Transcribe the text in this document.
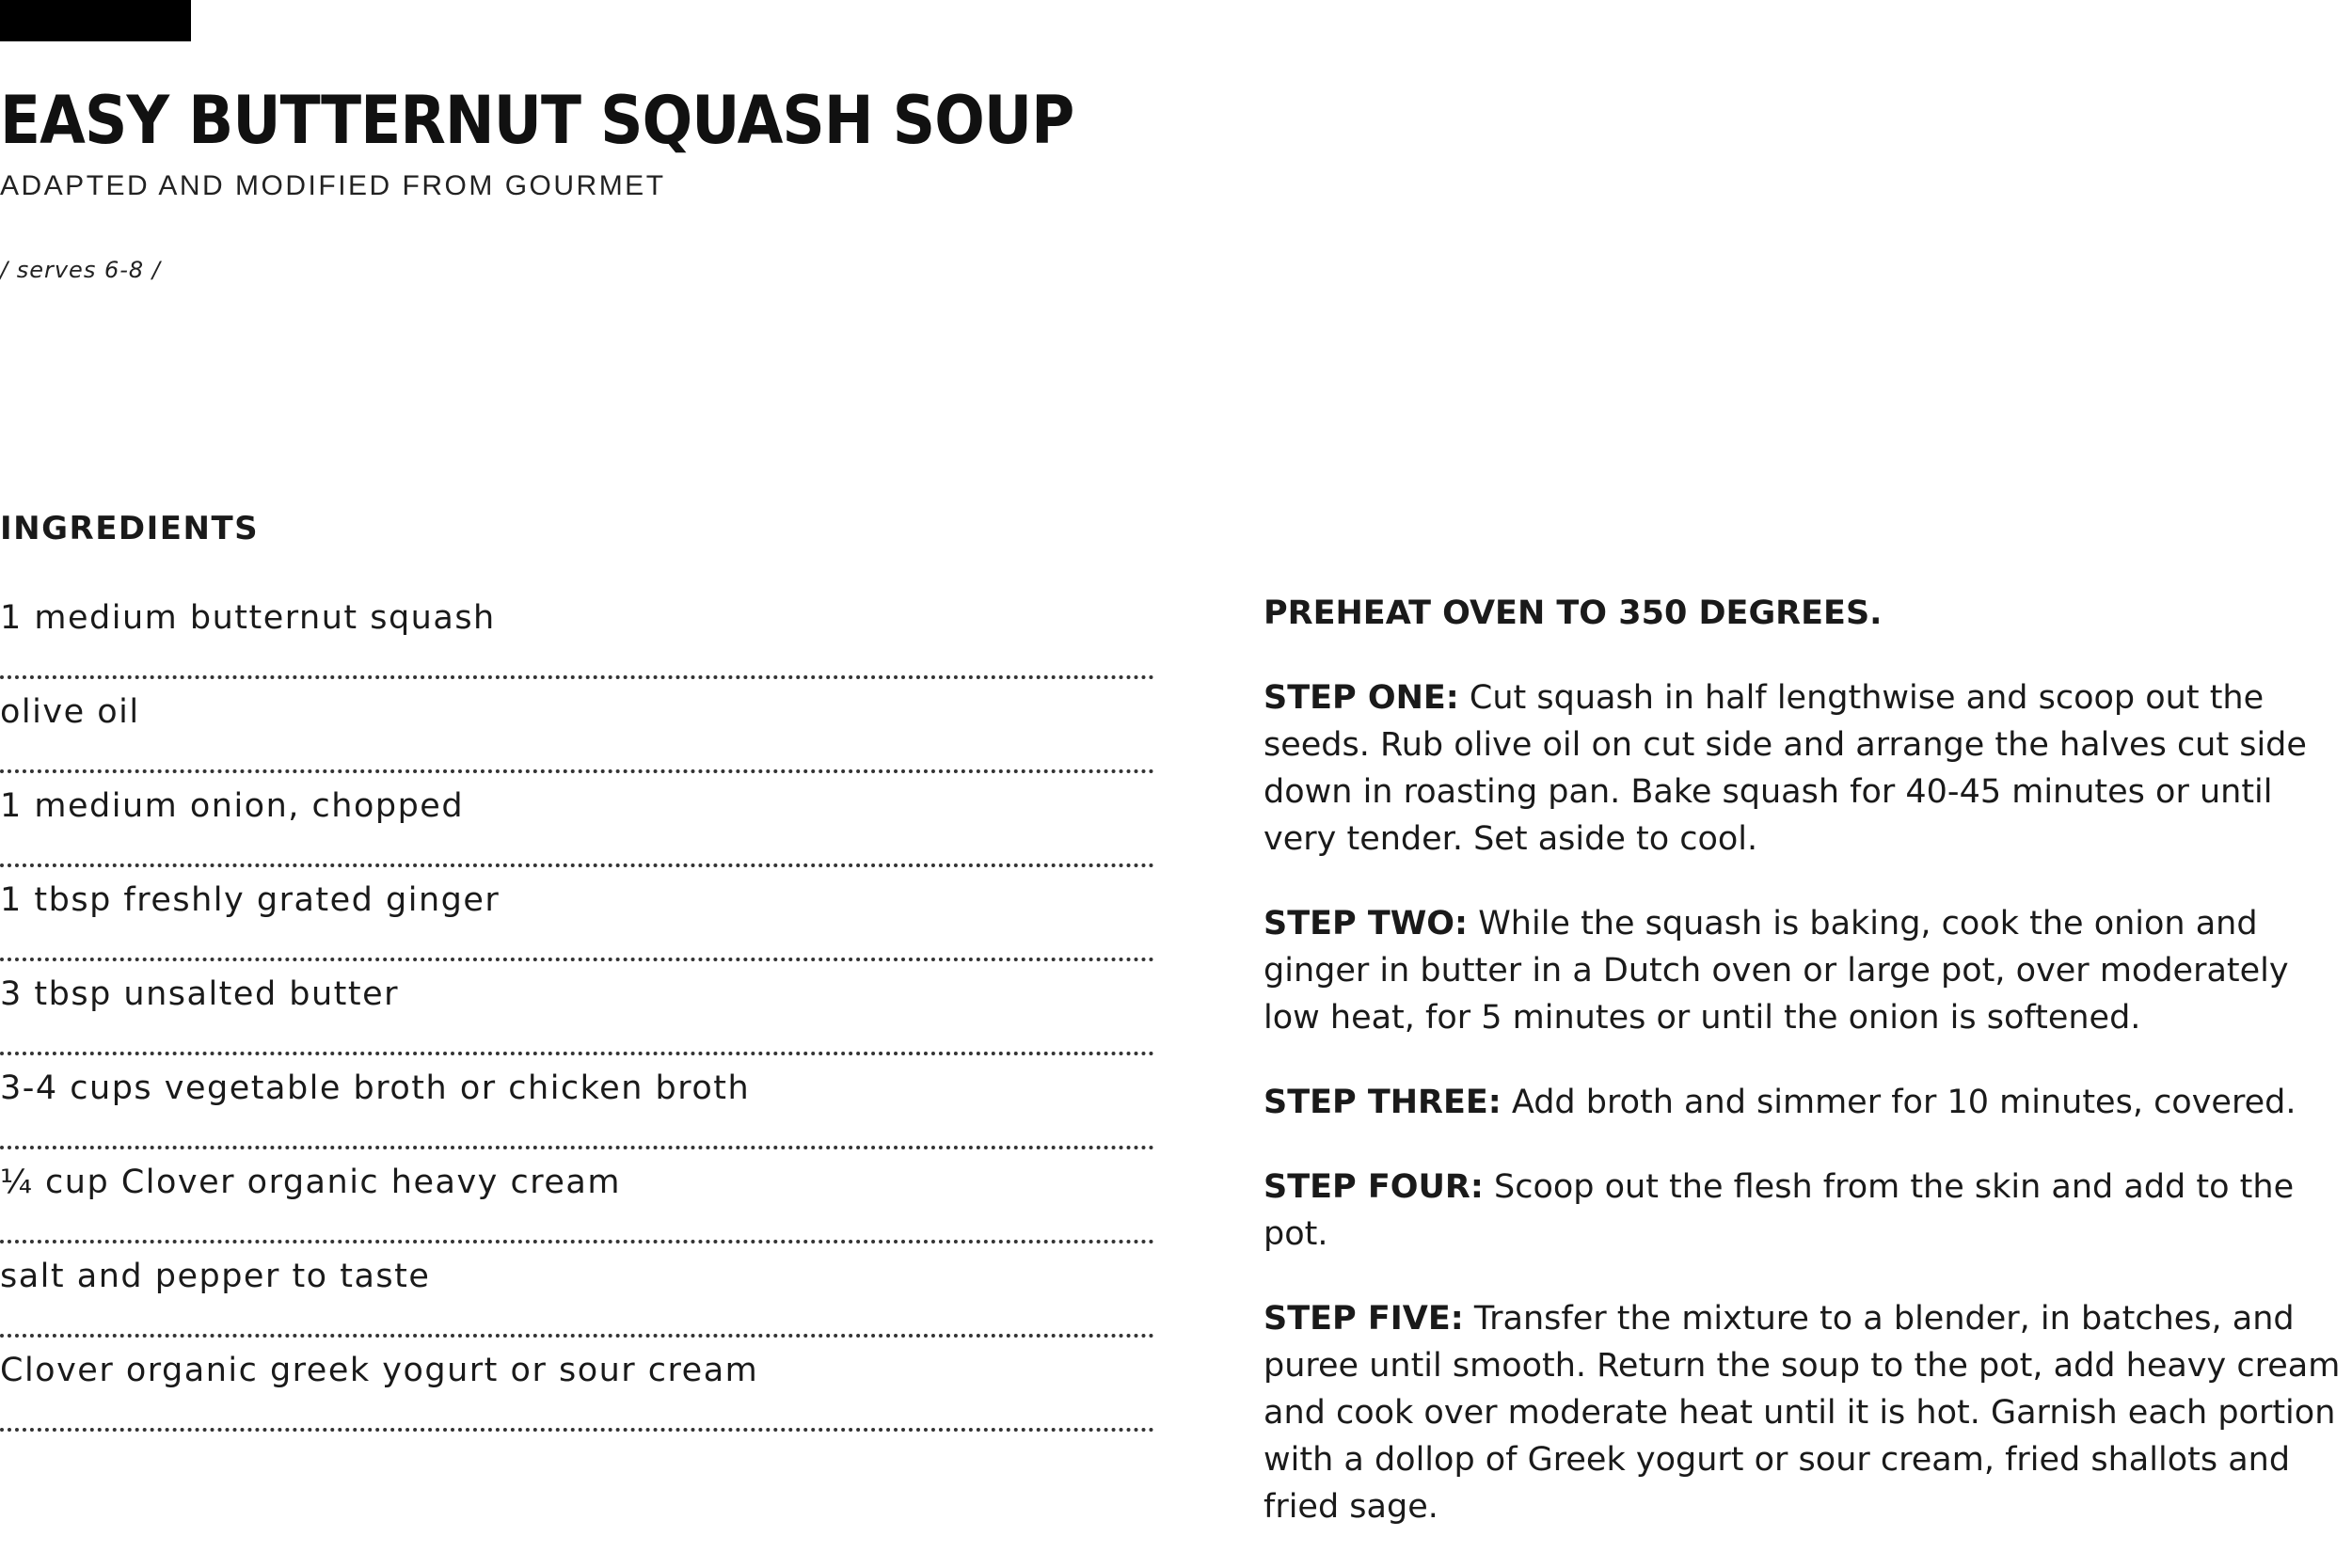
EASY BUTTERNUT SQUASH SOUP
ADAPTED AND MODIFIED FROM GOURMET
/ serves 6-8 /
INGREDIENTS
1 medium butternut squash
olive oil
1 medium onion, chopped
1 tbsp freshly grated ginger
3 tbsp unsalted butter
3-4 cups vegetable broth or chicken broth
¼ cup Clover organic heavy cream
salt and pepper to taste
Clover organic greek yogurt or sour cream

PREHEAT OVEN TO 350 DEGREES.

STEP ONE: Cut squash in half lengthwise and scoop out the seeds. Rub olive oil on cut side and arrange the halves cut side down in roasting pan. Bake squash for 40-45 minutes or until very tender. Set aside to cool.

STEP TWO: While the squash is baking, cook the onion and ginger in butter in a Dutch oven or large pot, over moderately low heat, for 5 minutes or until the onion is softened.

STEP THREE: Add broth and simmer for 10 minutes, covered.

STEP FOUR: Scoop out the flesh from the skin and add to the pot.

STEP FIVE: Transfer the mixture to a blender, in batches, and puree until smooth. Return the soup to the pot, add heavy cream and cook over moderate heat until it is hot. Garnish each portion with a dollop of Greek yogurt or sour cream, fried shallots and fried sage.
